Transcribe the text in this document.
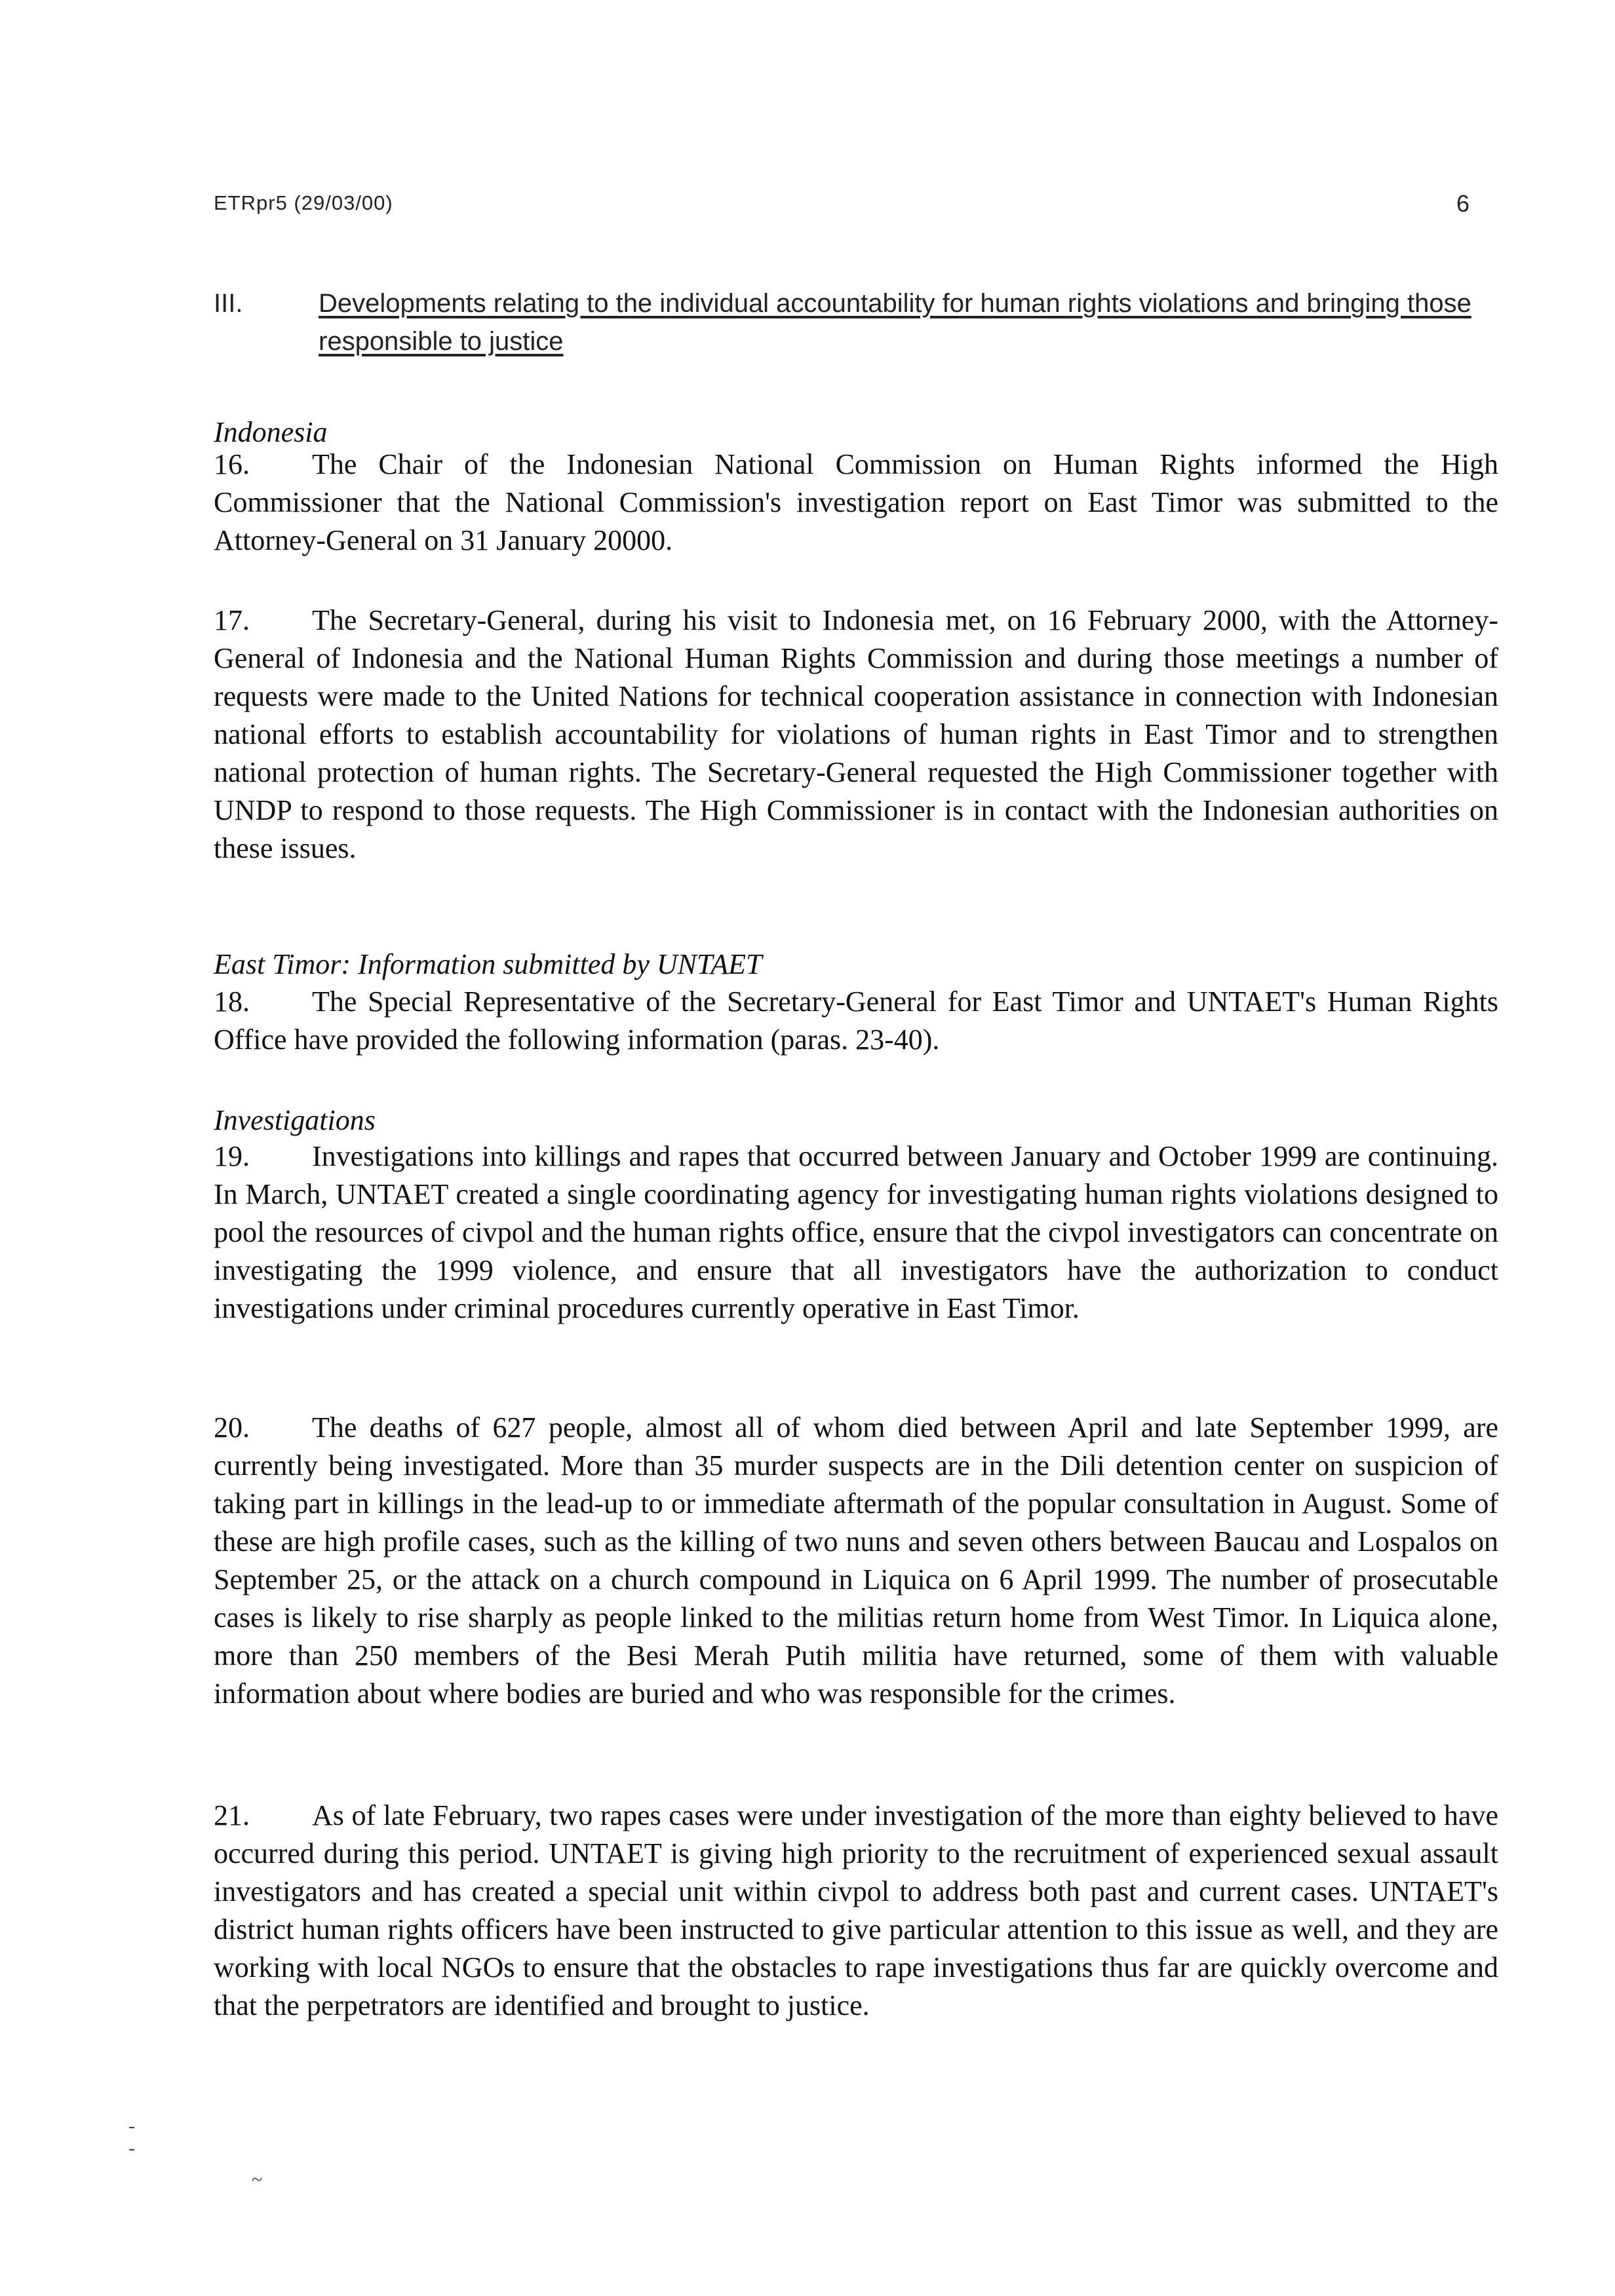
ETRpr5 (29/03/00)	6
III.	Developments relating to the individual accountability for human rights violations and bringing those responsible to justice
Indonesia
16. The Chair of the Indonesian National Commission on Human Rights informed the High Commissioner that the National Commission's investigation report on East Timor was submitted to the Attorney-General on 31 January 20000.
17. The Secretary-General, during his visit to Indonesia met, on 16 February 2000, with the Attorney-General of Indonesia and the National Human Rights Commission and during those meetings a number of requests were made to the United Nations for technical cooperation assistance in connection with Indonesian national efforts to establish accountability for violations of human rights in East Timor and to strengthen national protection of human rights. The Secretary-General requested the High Commissioner together with UNDP to respond to those requests. The High Commissioner is in contact with the Indonesian authorities on these issues.
East Timor: Information submitted by UNTAET
18. The Special Representative of the Secretary-General for East Timor and UNTAET's Human Rights Office have provided the following information (paras. 23-40).
Investigations
19. Investigations into killings and rapes that occurred between January and October 1999 are continuing. In March, UNTAET created a single coordinating agency for investigating human rights violations designed to pool the resources of civpol and the human rights office, ensure that the civpol investigators can concentrate on investigating the 1999 violence, and ensure that all investigators have the authorization to conduct investigations under criminal procedures currently operative in East Timor.
20. The deaths of 627 people, almost all of whom died between April and late September 1999, are currently being investigated. More than 35 murder suspects are in the Dili detention center on suspicion of taking part in killings in the lead-up to or immediate aftermath of the popular consultation in August. Some of these are high profile cases, such as the killing of two nuns and seven others between Baucau and Lospalos on September 25, or the attack on a church compound in Liquica on 6 April 1999. The number of prosecutable cases is likely to rise sharply as people linked to the militias return home from West Timor. In Liquica alone, more than 250 members of the Besi Merah Putih militia have returned, some of them with valuable information about where bodies are buried and who was responsible for the crimes.
21. As of late February, two rapes cases were under investigation of the more than eighty believed to have occurred during this period. UNTAET is giving high priority to the recruitment of experienced sexual assault investigators and has created a special unit within civpol to address both past and current cases. UNTAET's district human rights officers have been instructed to give particular attention to this issue as well, and they are working with local NGOs to ensure that the obstacles to rape investigations thus far are quickly overcome and that the perpetrators are identified and brought to justice.
-
-
~
